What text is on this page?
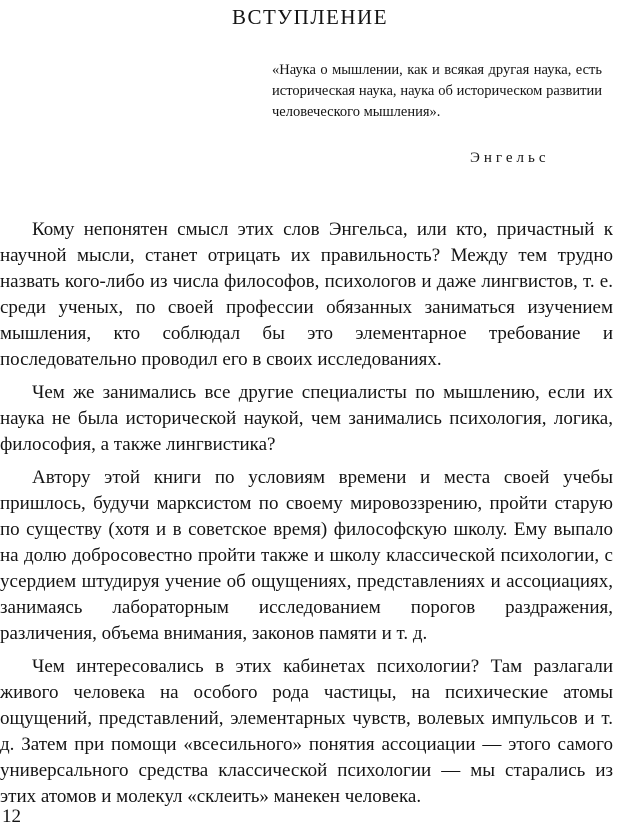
ВСТУПЛЕНИЕ

«Наука о мышлении, как и всякая другая наука, есть историческая наука, наука об историческом развитии человеческого мышления».

Энгельс

Кому непонятен смысл этих слов Энгельса, или кто, причастный к научной мысли, станет отрицать их правильность? Между тем трудно назвать кого-либо из числа философов, психологов и даже лингвистов, т. е. среди ученых, по своей профессии обязанных заниматься изучением мышления, кто соблюдал бы это элементарное требование и последовательно проводил его в своих исследованиях.

Чем же занимались все другие специалисты по мышлению, если их наука не была исторической наукой, чем занимались психология, логика, философия, а также лингвистика?

Автору этой книги по условиям времени и места своей учебы пришлось, будучи марксистом по своему мировоззрению, пройти старую по существу (хотя и в советское время) философскую школу. Ему выпало на долю добросовестно пройти также и школу классической психологии, с усердием штудируя учение об ощущениях, представлениях и ассоциациях, занимаясь лабораторным исследованием порогов раздражения, различения, объема внимания, законов памяти и т. д.

Чем интересовались в этих кабинетах психологии? Там разлагали живого человека на особого рода частицы, на психические атомы ощущений, представлений, элементарных чувств, волевых импульсов и т. д. Затем при помощи «всесильного» понятия ассоциации — этого самого универсального средства классической психологии — мы старались из этих атомов и молекул «склеить» манекен человека.

12
